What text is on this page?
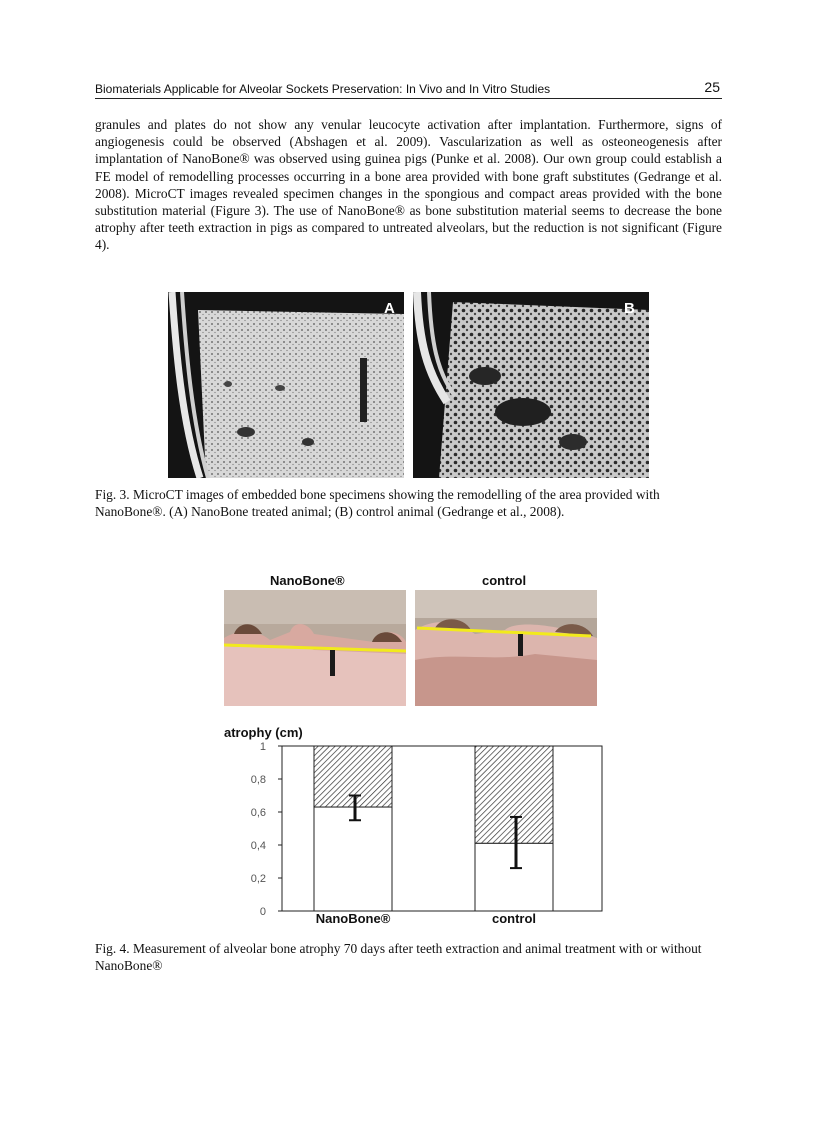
Biomaterials Applicable for Alveolar Sockets Preservation: In Vivo and In Vitro Studies	25

granules and plates do not show any venular leucocyte activation after implantation. Furthermore, signs of angiogenesis could be observed (Abshagen et al. 2009). Vascularization as well as osteoneogenesis after implantation of NanoBone® was observed using guinea pigs (Punke et al. 2008). Our own group could establish a FE model of remodelling processes occurring in a bone area provided with bone graft substitutes (Gedrange et al. 2008). MicroCT images revealed specimen changes in the spongious and compact areas provided with the bone substitution material (Figure 3). The use of NanoBone® as bone substitution material seems to decrease the bone atrophy after teeth extraction in pigs as compared to untreated alveolars, but the reduction is not significant (Figure 4).

A	B

Fig. 3. MicroCT images of embedded bone specimens showing the remodelling of the area provided with NanoBone®. (A) NanoBone treated animal; (B) control animal (Gedrange et al., 2008).

NanoBone®	control
atrophy (cm)
0
0,2
0,4
0,6
0,8
1
NanoBone®	control

Fig. 4. Measurement of alveolar bone atrophy 70 days after teeth extraction and animal treatment with or without NanoBone®
